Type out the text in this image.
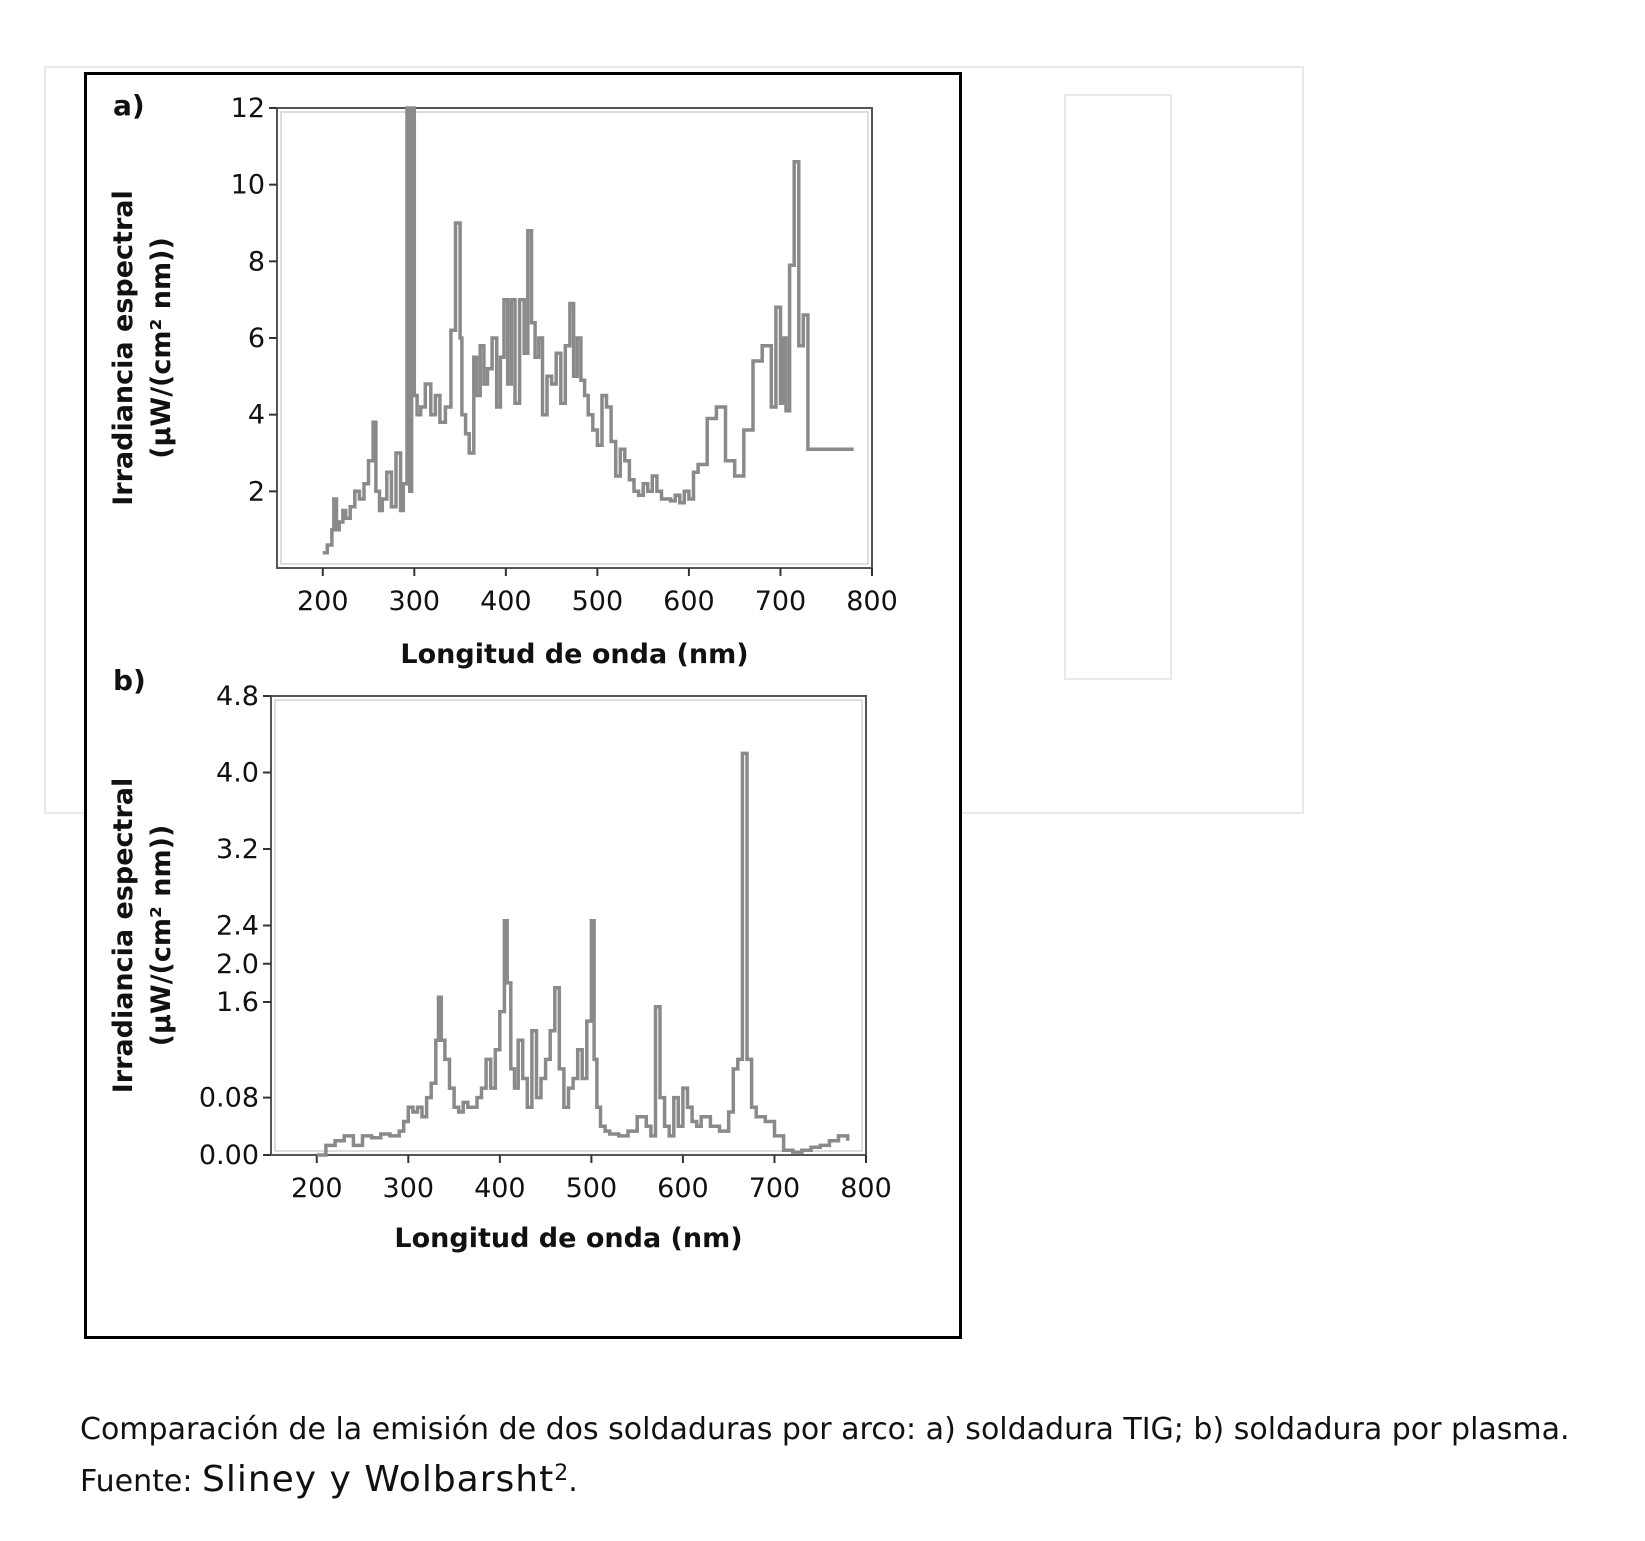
200 300 400 500 600 700 800
2
4
6
8
10
12
Longitud de onda (nm)
Irradiancia espectral (μW/(cm² nm))
a)
200 300 400 500 600 700 800
0.00
0.08
1.6
2.0
2.4
3.2
4.0
4.8
Longitud de onda (nm)
Irradiancia espectral (μW/(cm² nm))
b)
Comparación de la emisión de dos soldaduras por arco: a) soldadura TIG; b) soldadura por plasma. Fuente: Sliney y Wolbarsht$^2$.
